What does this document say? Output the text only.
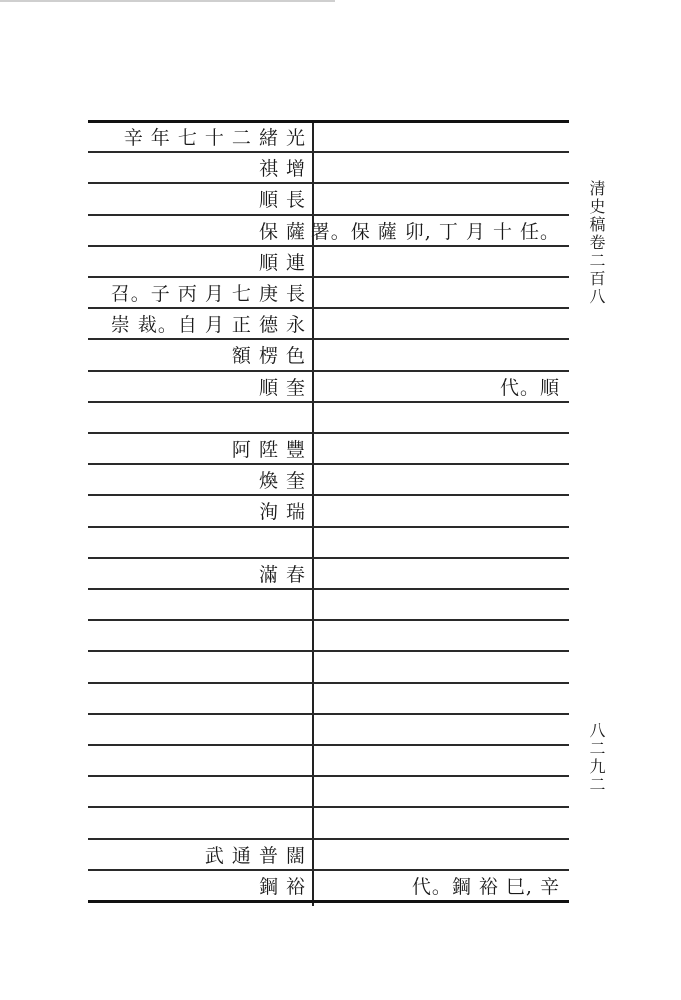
辛 年 七 十 二 緒 光
祺 增
順 長
保 薩 署。保 薩 卯, 丁 月 十 任。
順 連
召。子 丙 月 七 庚 長
崇 裁。自 月 正 德 永
額 楞 色
順 奎	代。順
阿 陞 豐
煥 奎
洵 瑞
滿 春
武 通 普 闊
鋼 裕	代。鋼 裕 巳, 辛
清史稿卷二百八
八二九二
